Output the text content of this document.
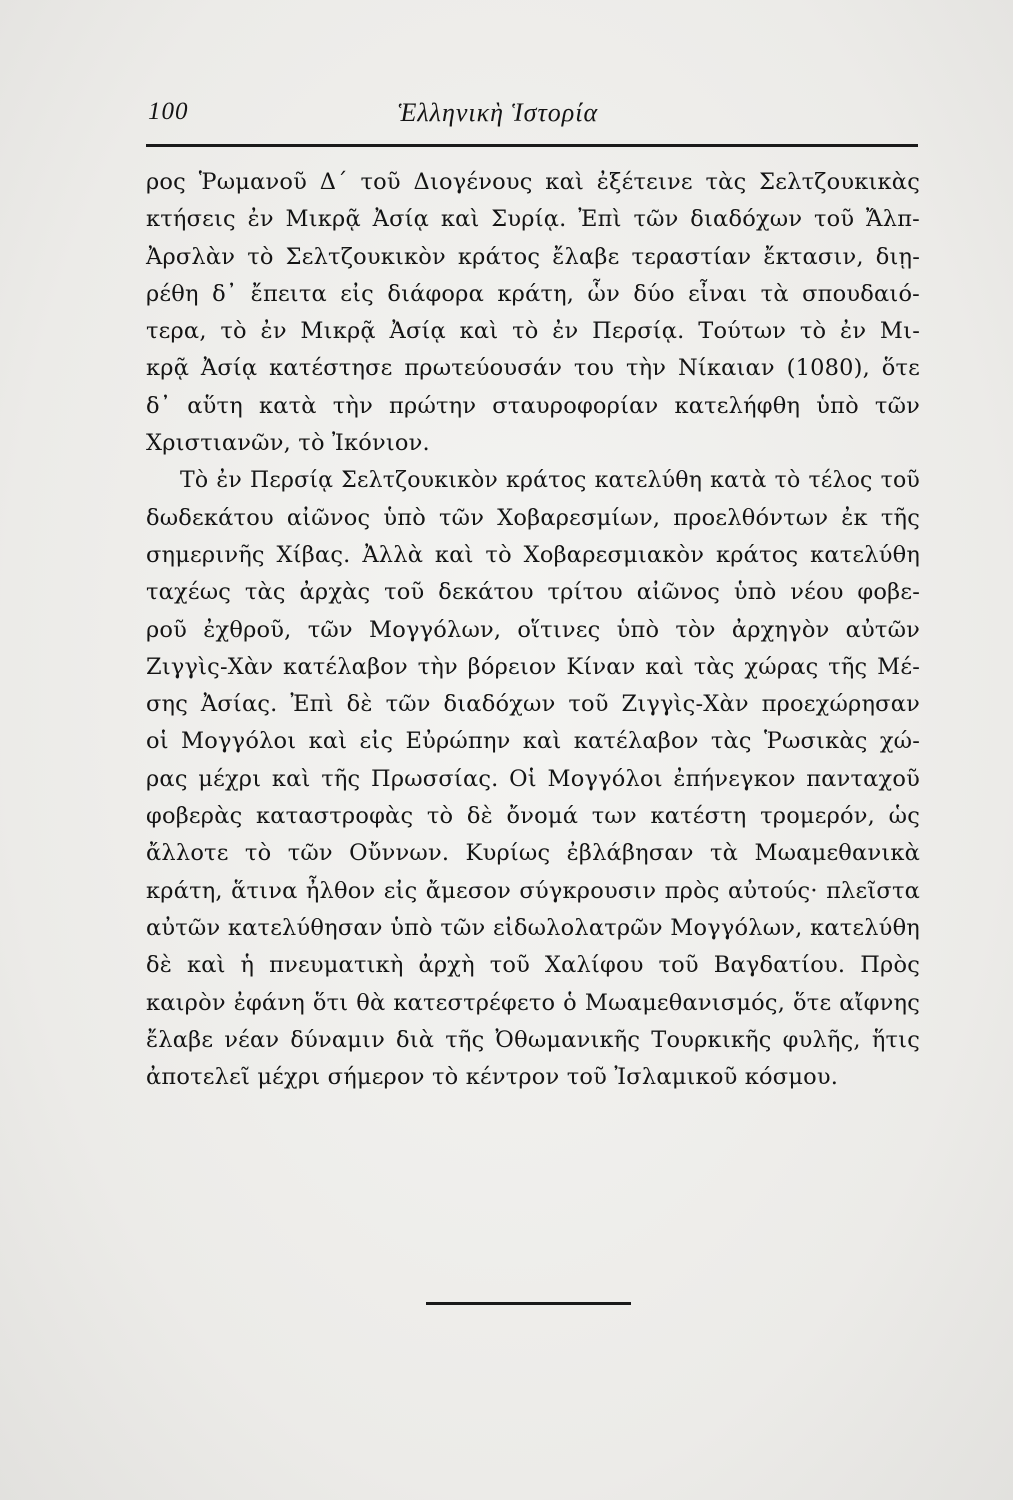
100	Ἑλληνικὴ Ἱστορία
ρος Ῥωμανοῦ Δ΄ τοῦ Διογένους καὶ ἐξέτεινε τὰς Σελτζουκικὰς
κτήσεις ἐν Μικρᾷ Ἀσίᾳ καὶ Συρίᾳ. Ἐπὶ τῶν διαδόχων τοῦ Ἄλπ-
Ἀρσλὰν τὸ Σελτζουκικὸν κράτος ἔλαβε τεραστίαν ἔκτασιν, διῃ-
ρέθη δ᾽ ἔπειτα εἰς διάφορα κράτη, ὧν δύο εἶναι τὰ σπουδαιό-
τερα, τὸ ἐν Μικρᾷ Ἀσίᾳ καὶ τὸ ἐν Περσίᾳ. Τούτων τὸ ἐν Μι-
κρᾷ Ἀσίᾳ κατέστησε πρωτεύουσάν του τὴν Νίκαιαν (1080), ὅτε
δ᾽ αὕτη κατὰ τὴν πρώτην σταυροφορίαν κατελήφθη ὑπὸ τῶν
Χριστιανῶν, τὸ Ἰκόνιον.
Τὸ ἐν Περσίᾳ Σελτζουκικὸν κράτος κατελύθη κατὰ τὸ τέλος τοῦ
δωδεκάτου αἰῶνος ὑπὸ τῶν Χοβαρεσμίων, προελθόντων ἐκ τῆς
σημερινῆς Χίβας. Ἀλλὰ καὶ τὸ Χοβαρεσμιακὸν κράτος κατελύθη
ταχέως τὰς ἀρχὰς τοῦ δεκάτου τρίτου αἰῶνος ὑπὸ νέου φοβε-
ροῦ ἐχθροῦ, τῶν Μογγόλων, οἵτινες ὑπὸ τὸν ἀρχηγὸν αὐτῶν
Ζιγγὶς-Χὰν κατέλαβον τὴν βόρειον Κίναν καὶ τὰς χώρας τῆς Μέ-
σης Ἀσίας. Ἐπὶ δὲ τῶν διαδόχων τοῦ Ζιγγὶς-Χὰν προεχώρησαν
οἱ Μογγόλοι καὶ εἰς Εὐρώπην καὶ κατέλαβον τὰς Ῥωσικὰς χώ-
ρας μέχρι καὶ τῆς Πρωσσίας. Οἱ Μογγόλοι ἐπήνεγκον πανταχοῦ
φοβερὰς καταστροφὰς τὸ δὲ ὄνομά των κατέστη τρομερόν, ὡς
ἄλλοτε τὸ τῶν Οὔννων. Κυρίως ἐβλάβησαν τὰ Μωαμεθανικὰ
κράτη, ἅτινα ἦλθον εἰς ἄμεσον σύγκρουσιν πρὸς αὐτούς· πλεῖστα
αὐτῶν κατελύθησαν ὑπὸ τῶν εἰδωλολατρῶν Μογγόλων, κατελύθη
δὲ καὶ ἡ πνευματικὴ ἀρχὴ τοῦ Χαλίφου τοῦ Βαγδατίου. Πρὸς
καιρὸν ἐφάνη ὅτι θὰ κατεστρέφετο ὁ Μωαμεθανισμός, ὅτε αἴφνης
ἔλαβε νέαν δύναμιν διὰ τῆς Ὀθωμανικῆς Τουρκικῆς φυλῆς, ἥτις
ἀποτελεῖ μέχρι σήμερον τὸ κέντρον τοῦ Ἰσλαμικοῦ κόσμου.
